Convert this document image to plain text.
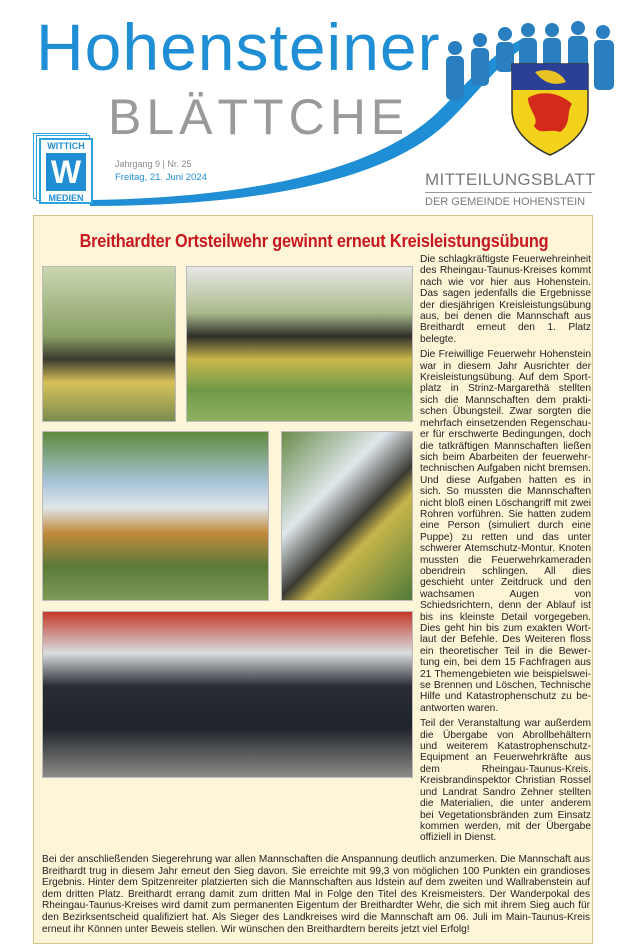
Hohensteiner
BLÄTTCHE
WITTICH
W
MEDIEN
Jahrgang 9 | Nr. 25
Freitag, 21. Juni 2024	MITTEILUNGSBLATT
DER GEMEINDE HOHENSTEIN
Breithardter Ortsteilwehr gewinnt erneut Kreisleistungsübung

Die schlagkräftigste Feuerwehreinheit des Rheingau-Taunus-Kreises kommt nach wie vor hier aus Hohenstein. Das sagen jedenfalls die Ergebnisse der diesjährigen Kreisleistungsübung aus, bei denen die Mannschaft aus Breithardt erneut den 1. Platz belegte.

Die Freiwillige Feuerwehr Hohenstein war in diesem Jahr Ausrichter der Kreisleistungsübung. Auf dem Sportplatz in Strinz-Margarethä stellten sich die Mannschaften dem praktischen Übungsteil. Zwar sorgten die mehrfach einsetzenden Regenschauer für erschwerte Bedingungen, doch die tatkräftigen Mannschaften ließen sich beim Abarbeiten der feuerwehrtechnischen Aufgaben nicht bremsen. Und diese Aufgaben hatten es in sich. So mussten die Mannschaften nicht bloß einen Löschangriff mit zwei Rohren vorführen. Sie hatten zudem eine Person (simuliert durch eine Puppe) zu retten und das unter schwerer Atemschutz-Montur. Knoten mussten die Feuerwehrkameraden obendrein schlingen. All dies geschieht unter Zeitdruck und den wachsamen Augen von Schiedsrichtern, denn der Ablauf ist bis ins kleinste Detail vorgegeben. Dies geht hin bis zum exakten Wortlaut der Befehle. Des Weiteren floss ein theoretischer Teil in die Bewertung ein, bei dem 15 Fachfragen aus 21 Themengebieten wie beispielsweise Brennen und Löschen, Technische Hilfe und Katastrophenschutz zu beantworten waren.

Teil der Veranstaltung war außerdem die Übergabe von Abrollbehältern und weiterem Katastrophenschutz-Equipment an Feuerwehrkräfte aus dem Rheingau-Taunus-Kreis. Kreisbrandinspektor Christian Rossel und Landrat Sandro Zehner stellten die Materialien, die unter anderem bei Vegetationsbränden zum Einsatz kommen werden, mit der Übergabe offiziell in Dienst.

Bei der anschließenden Siegerehrung war allen Mannschaften die Anspannung deutlich anzumerken. Die Mannschaft aus Breithardt trug in diesem Jahr erneut den Sieg davon. Sie erreichte mit 99,3 von möglichen 100 Punkten ein grandioses Ergebnis. Hinter dem Spitzenreiter platzierten sich die Mannschaften aus Idstein auf dem zweiten und Wallrabenstein auf dem dritten Platz. Breithardt errang damit zum dritten Mal in Folge den Titel des Kreismeisters. Der Wanderpokal des Rheingau-Taunus-Kreises wird damit zum permanenten Eigentum der Breithardter Wehr, die sich mit ihrem Sieg auch für den Bezirksentscheid qualifiziert hat. Als Sieger des Landkreises wird die Mannschaft am 06. Juli im Main-Taunus-Kreis erneut ihr Können unter Beweis stellen. Wir wünschen den Breithardtern bereits jetzt viel Erfolg!
